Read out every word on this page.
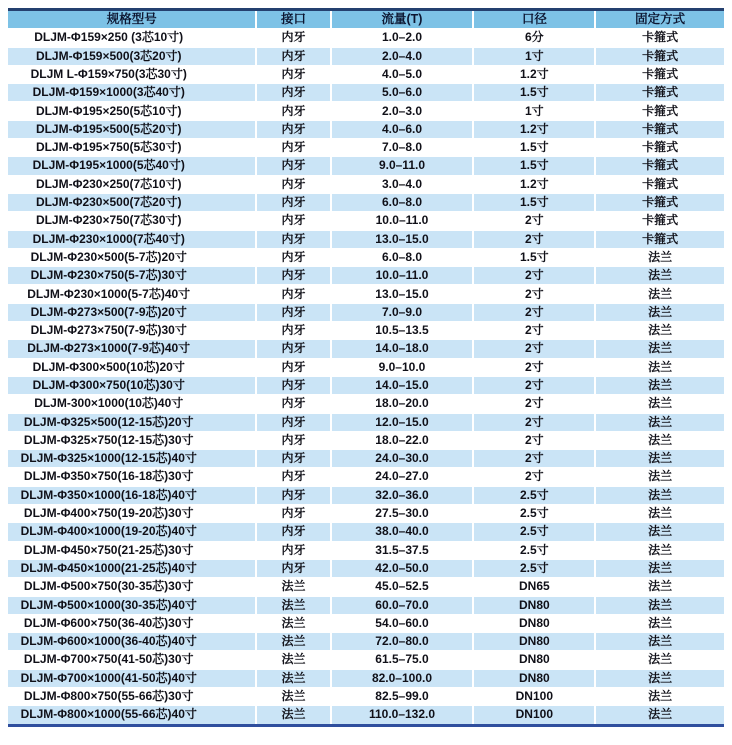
规格型号	接口	流量(T)	口径	固定方式
DLJM-Φ159×250 (3芯10寸)	内牙	1.0–2.0	6分	卡箍式
DLJM-Φ159×500(3芯20寸)	内牙	2.0–4.0	1寸	卡箍式
DLJM L-Φ159×750(3芯30寸)	内牙	4.0–5.0	1.2寸	卡箍式
DLJM-Φ159×1000(3芯40寸)	内牙	5.0–6.0	1.5寸	卡箍式
DLJM-Φ195×250(5芯10寸)	内牙	2.0–3.0	1寸	卡箍式
DLJM-Φ195×500(5芯20寸)	内牙	4.0–6.0	1.2寸	卡箍式
DLJM-Φ195×750(5芯30寸)	内牙	7.0–8.0	1.5寸	卡箍式
DLJM-Φ195×1000(5芯40寸)	内牙	9.0–11.0	1.5寸	卡箍式
DLJM-Φ230×250(7芯10寸)	内牙	3.0–4.0	1.2寸	卡箍式
DLJM-Φ230×500(7芯20寸)	内牙	6.0–8.0	1.5寸	卡箍式
DLJM-Φ230×750(7芯30寸)	内牙	10.0–11.0	2寸	卡箍式
DLJM-Φ230×1000(7芯40寸)	内牙	13.0–15.0	2寸	卡箍式
DLJM-Φ230×500(5-7芯)20寸	内牙	6.0–8.0	1.5寸	法兰
DLJM-Φ230×750(5-7芯)30寸	内牙	10.0–11.0	2寸	法兰
DLJM-Φ230×1000(5-7芯)40寸	内牙	13.0–15.0	2寸	法兰
DLJM-Φ273×500(7-9芯)20寸	内牙	7.0–9.0	2寸	法兰
DLJM-Φ273×750(7-9芯)30寸	内牙	10.5–13.5	2寸	法兰
DLJM-Φ273×1000(7-9芯)40寸	内牙	14.0–18.0	2寸	法兰
DLJM-Φ300×500(10芯)20寸	内牙	9.0–10.0	2寸	法兰
DLJM-Φ300×750(10芯)30寸	内牙	14.0–15.0	2寸	法兰
DLJM-300×1000(10芯)40寸	内牙	18.0–20.0	2寸	法兰
DLJM-Φ325×500(12-15芯)20寸	内牙	12.0–15.0	2寸	法兰
DLJM-Φ325×750(12-15芯)30寸	内牙	18.0–22.0	2寸	法兰
DLJM-Φ325×1000(12-15芯)40寸	内牙	24.0–30.0	2寸	法兰
DLJM-Φ350×750(16-18芯)30寸	内牙	24.0–27.0	2寸	法兰
DLJM-Φ350×1000(16-18芯)40寸	内牙	32.0–36.0	2.5寸	法兰
DLJM-Φ400×750(19-20芯)30寸	内牙	27.5–30.0	2.5寸	法兰
DLJM-Φ400×1000(19-20芯)40寸	内牙	38.0–40.0	2.5寸	法兰
DLJM-Φ450×750(21-25芯)30寸	内牙	31.5–37.5	2.5寸	法兰
DLJM-Φ450×1000(21-25芯)40寸	内牙	42.0–50.0	2.5寸	法兰
DLJM-Φ500×750(30-35芯)30寸	法兰	45.0–52.5	DN65	法兰
DLJM-Φ500×1000(30-35芯)40寸	法兰	60.0–70.0	DN80	法兰
DLJM-Φ600×750(36-40芯)30寸	法兰	54.0–60.0	DN80	法兰
DLJM-Φ600×1000(36-40芯)40寸	法兰	72.0–80.0	DN80	法兰
DLJM-Φ700×750(41-50芯)30寸	法兰	61.5–75.0	DN80	法兰
DLJM-Φ700×1000(41-50芯)40寸	法兰	82.0–100.0	DN80	法兰
DLJM-Φ800×750(55-66芯)30寸	法兰	82.5–99.0	DN100	法兰
DLJM-Φ800×1000(55-66芯)40寸	法兰	110.0–132.0	DN100	法兰
